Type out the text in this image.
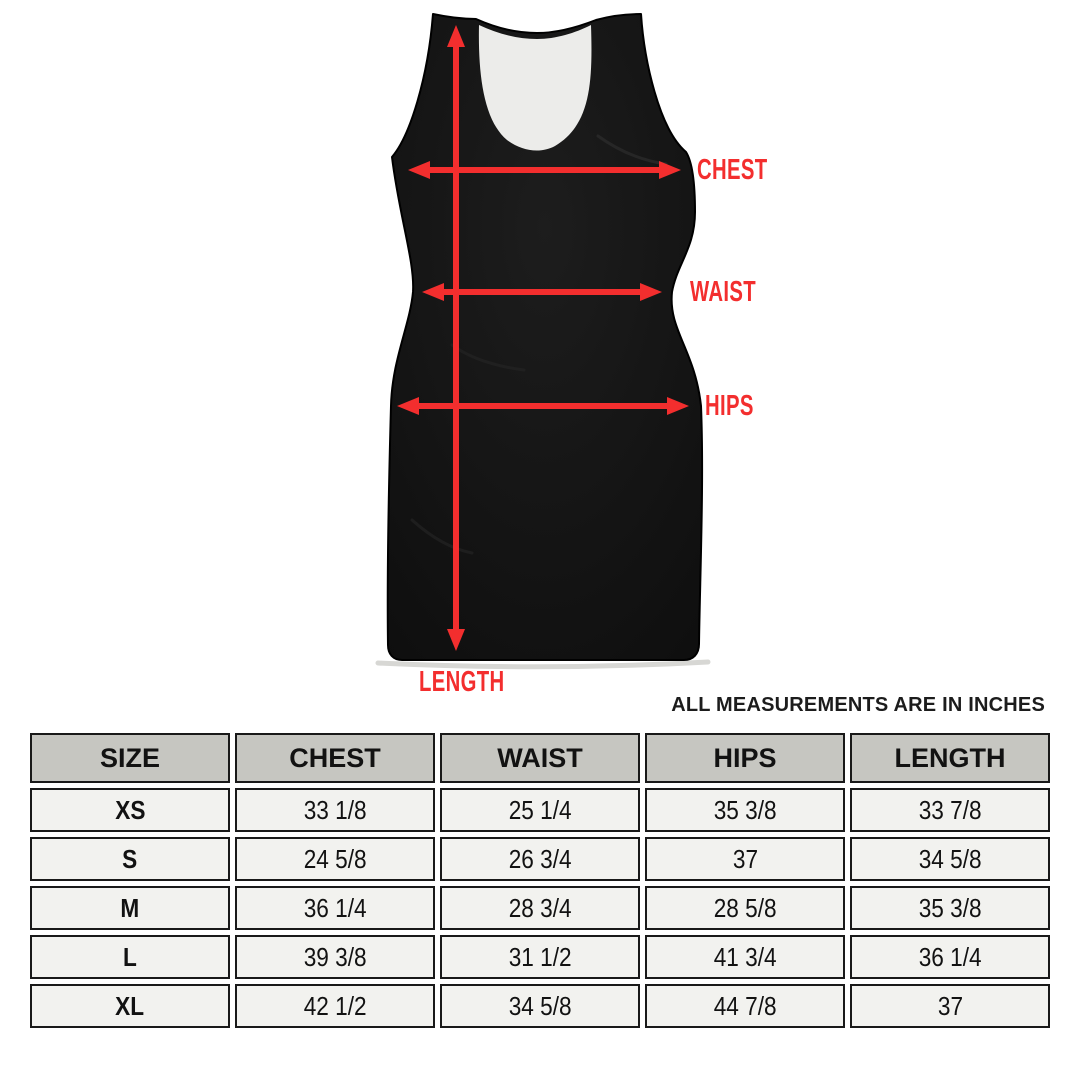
CHEST
WAIST
HIPS
LENGTH
ALL MEASUREMENTS ARE IN INCHES
SIZE	CHEST	WAIST	HIPS	LENGTH
XS	33 1/8	25 1/4	35 3/8	33 7/8
S	24 5/8	26 3/4	37	34 5/8
M	36 1/4	28 3/4	28 5/8	35 3/8
L	39 3/8	31 1/2	41 3/4	36 1/4
XL	42 1/2	34 5/8	44 7/8	37
